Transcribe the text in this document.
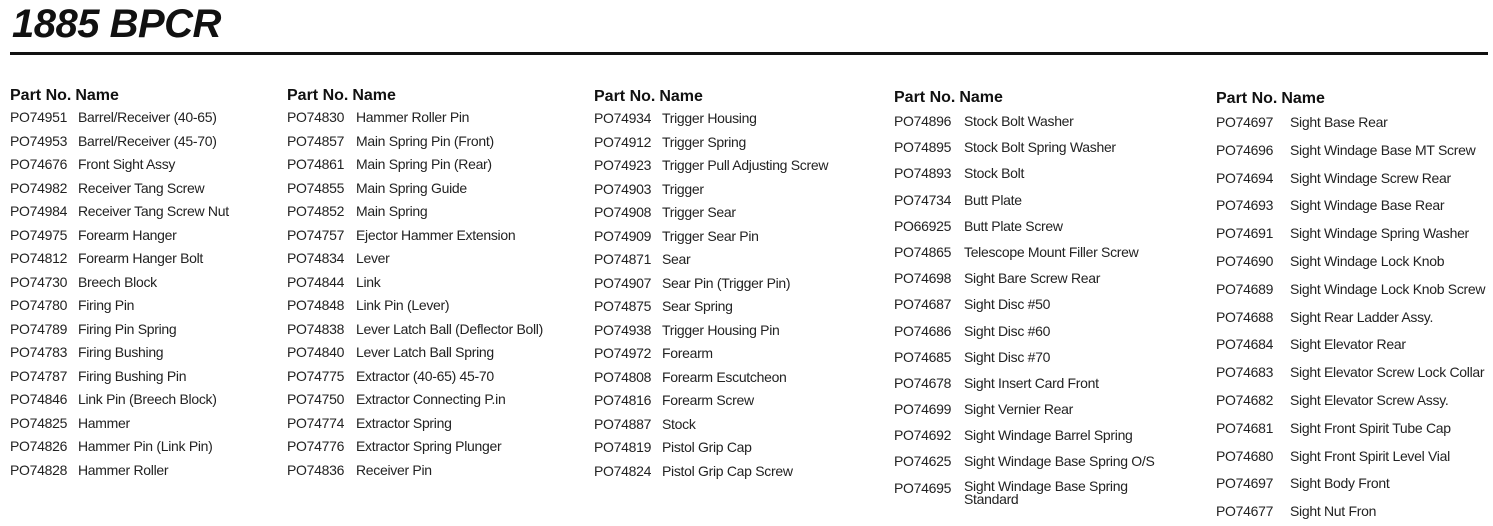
1885 BPCR
Part No. Name
PO74951 Barrel/Receiver (40-65)
PO74953 Barrel/Receiver (45-70)
PO74676 Front Sight Assy
PO74982 Receiver Tang Screw
PO74984 Receiver Tang Screw Nut
PO74975 Forearm Hanger
PO74812 Forearm Hanger Bolt
PO74730 Breech Block
PO74780 Firing Pin
PO74789 Firing Pin Spring
PO74783 Firing Bushing
PO74787 Firing Bushing Pin
PO74846 Link Pin (Breech Block)
PO74825 Hammer
PO74826 Hammer Pin (Link Pin)
PO74828 Hammer Roller
Part No. Name
PO74830 Hammer Roller Pin
PO74857 Main Spring Pin (Front)
PO74861 Main Spring Pin (Rear)
PO74855 Main Spring Guide
PO74852 Main Spring
PO74757 Ejector Hammer Extension
PO74834 Lever
PO74844 Link
PO74848 Link Pin (Lever)
PO74838 Lever Latch Ball (Deflector Boll)
PO74840 Lever Latch Ball Spring
PO74775 Extractor (40-65) 45-70
PO74750 Extractor Connecting P.in
PO74774 Extractor Spring
PO74776 Extractor Spring Plunger
PO74836 Receiver Pin
Part No. Name
PO74934 Trigger Housing
PO74912 Trigger Spring
PO74923 Trigger Pull Adjusting Screw
PO74903 Trigger
PO74908 Trigger Sear
PO74909 Trigger Sear Pin
PO74871 Sear
PO74907 Sear Pin (Trigger Pin)
PO74875 Sear Spring
PO74938 Trigger Housing Pin
PO74972 Forearm
PO74808 Forearm Escutcheon
PO74816 Forearm Screw
PO74887 Stock
PO74819 Pistol Grip Cap
PO74824 Pistol Grip Cap Screw
Part No. Name
PO74896 Stock Bolt Washer
PO74895 Stock Bolt Spring Washer
PO74893 Stock Bolt
PO74734 Butt Plate
PO66925 Butt Plate Screw
PO74865 Telescope Mount Filler Screw
PO74698 Sight Bare Screw Rear
PO74687 Sight Disc #50
PO74686 Sight Disc #60
PO74685 Sight Disc #70
PO74678 Sight Insert Card Front
PO74699 Sight Vernier Rear
PO74692 Sight Windage Barrel Spring
PO74625 Sight Windage Base Spring O/S
PO74695 Sight Windage Base Spring
Standard
Part No. Name
PO74697 Sight Base Rear
PO74696 Sight Windage Base MT Screw
PO74694 Sight Windage Screw Rear
PO74693 Sight Windage Base Rear
PO74691 Sight Windage Spring Washer
PO74690 Sight Windage Lock Knob
PO74689 Sight Windage Lock Knob Screw
PO74688 Sight Rear Ladder Assy.
PO74684 Sight Elevator Rear
PO74683 Sight Elevator Screw Lock Collar
PO74682 Sight Elevator Screw Assy.
PO74681 Sight Front Spirit Tube Cap
PO74680 Sight Front Spirit Level Vial
PO74697 Sight Body Front
PO74677 Sight Nut Fron
